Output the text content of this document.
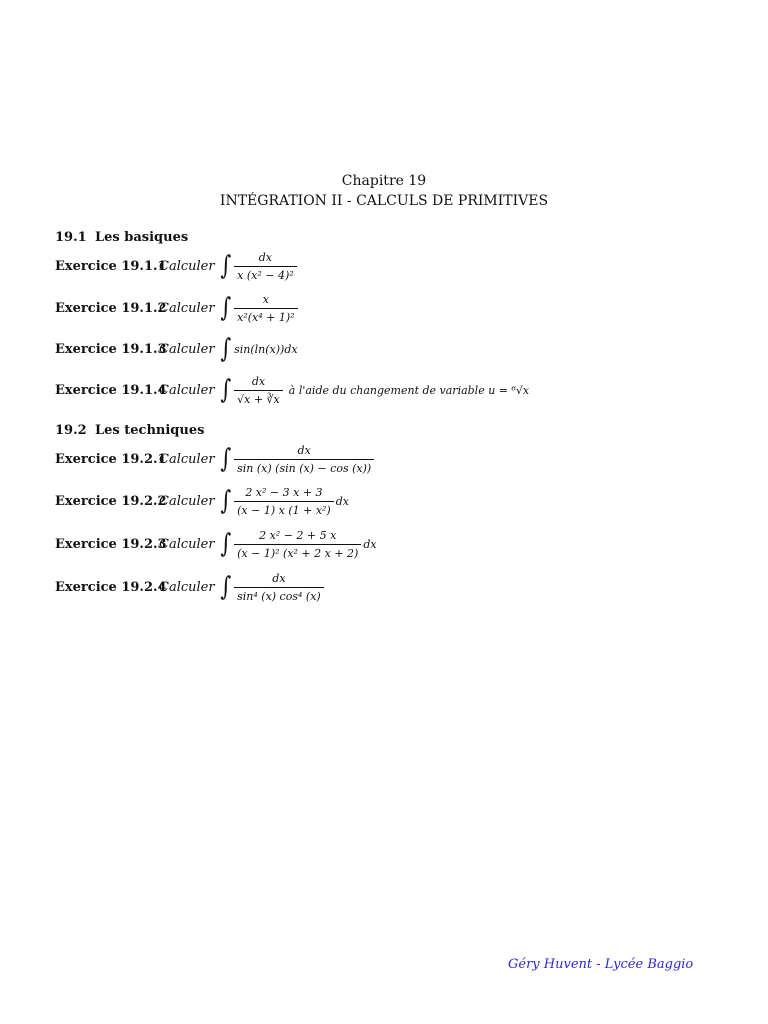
Chapitre 19
INTÉGRATION II - CALCULS DE PRIMITIVES
19.1 Les basiques
Exercice 19.1.1
Calculer ∫ $\frac{dx}{\text{x (x² − 4)²}}$
Exercice 19.1.2
Calculer ∫ $\frac{x}{\text{x²(x⁴ + 1)²}}$
Exercice 19.1.3
Calculer ∫ sin(ln(x))dx
Exercice 19.1.4
Calculer ∫ $\frac{dx}{√x + ∛x}$ à l'aide du changement de variable u = ⁶√x
19.2 Les techniques
Exercice 19.2.1
Calculer ∫ $\frac{dx}{\sin (x) (\sin (x) - \cos (x))}$
Exercice 19.2.2
Calculer ∫ $\frac{\text{2 x² − 3 x + 3}}{\text{(x − 1) x (1 + x²)}}$ dx
Exercice 19.2.3
Calculer ∫ $\frac{\text{2 x² − 2 + 5 x}}{\text{(x − 1)² (x² + 2 x + 2)}}$ dx
Exercice 19.2.4
Calculer ∫ $\frac{dx}{\text{sin⁴ (x) cos⁴ (x)}}$
Géry Huvent - Lycée Baggio
